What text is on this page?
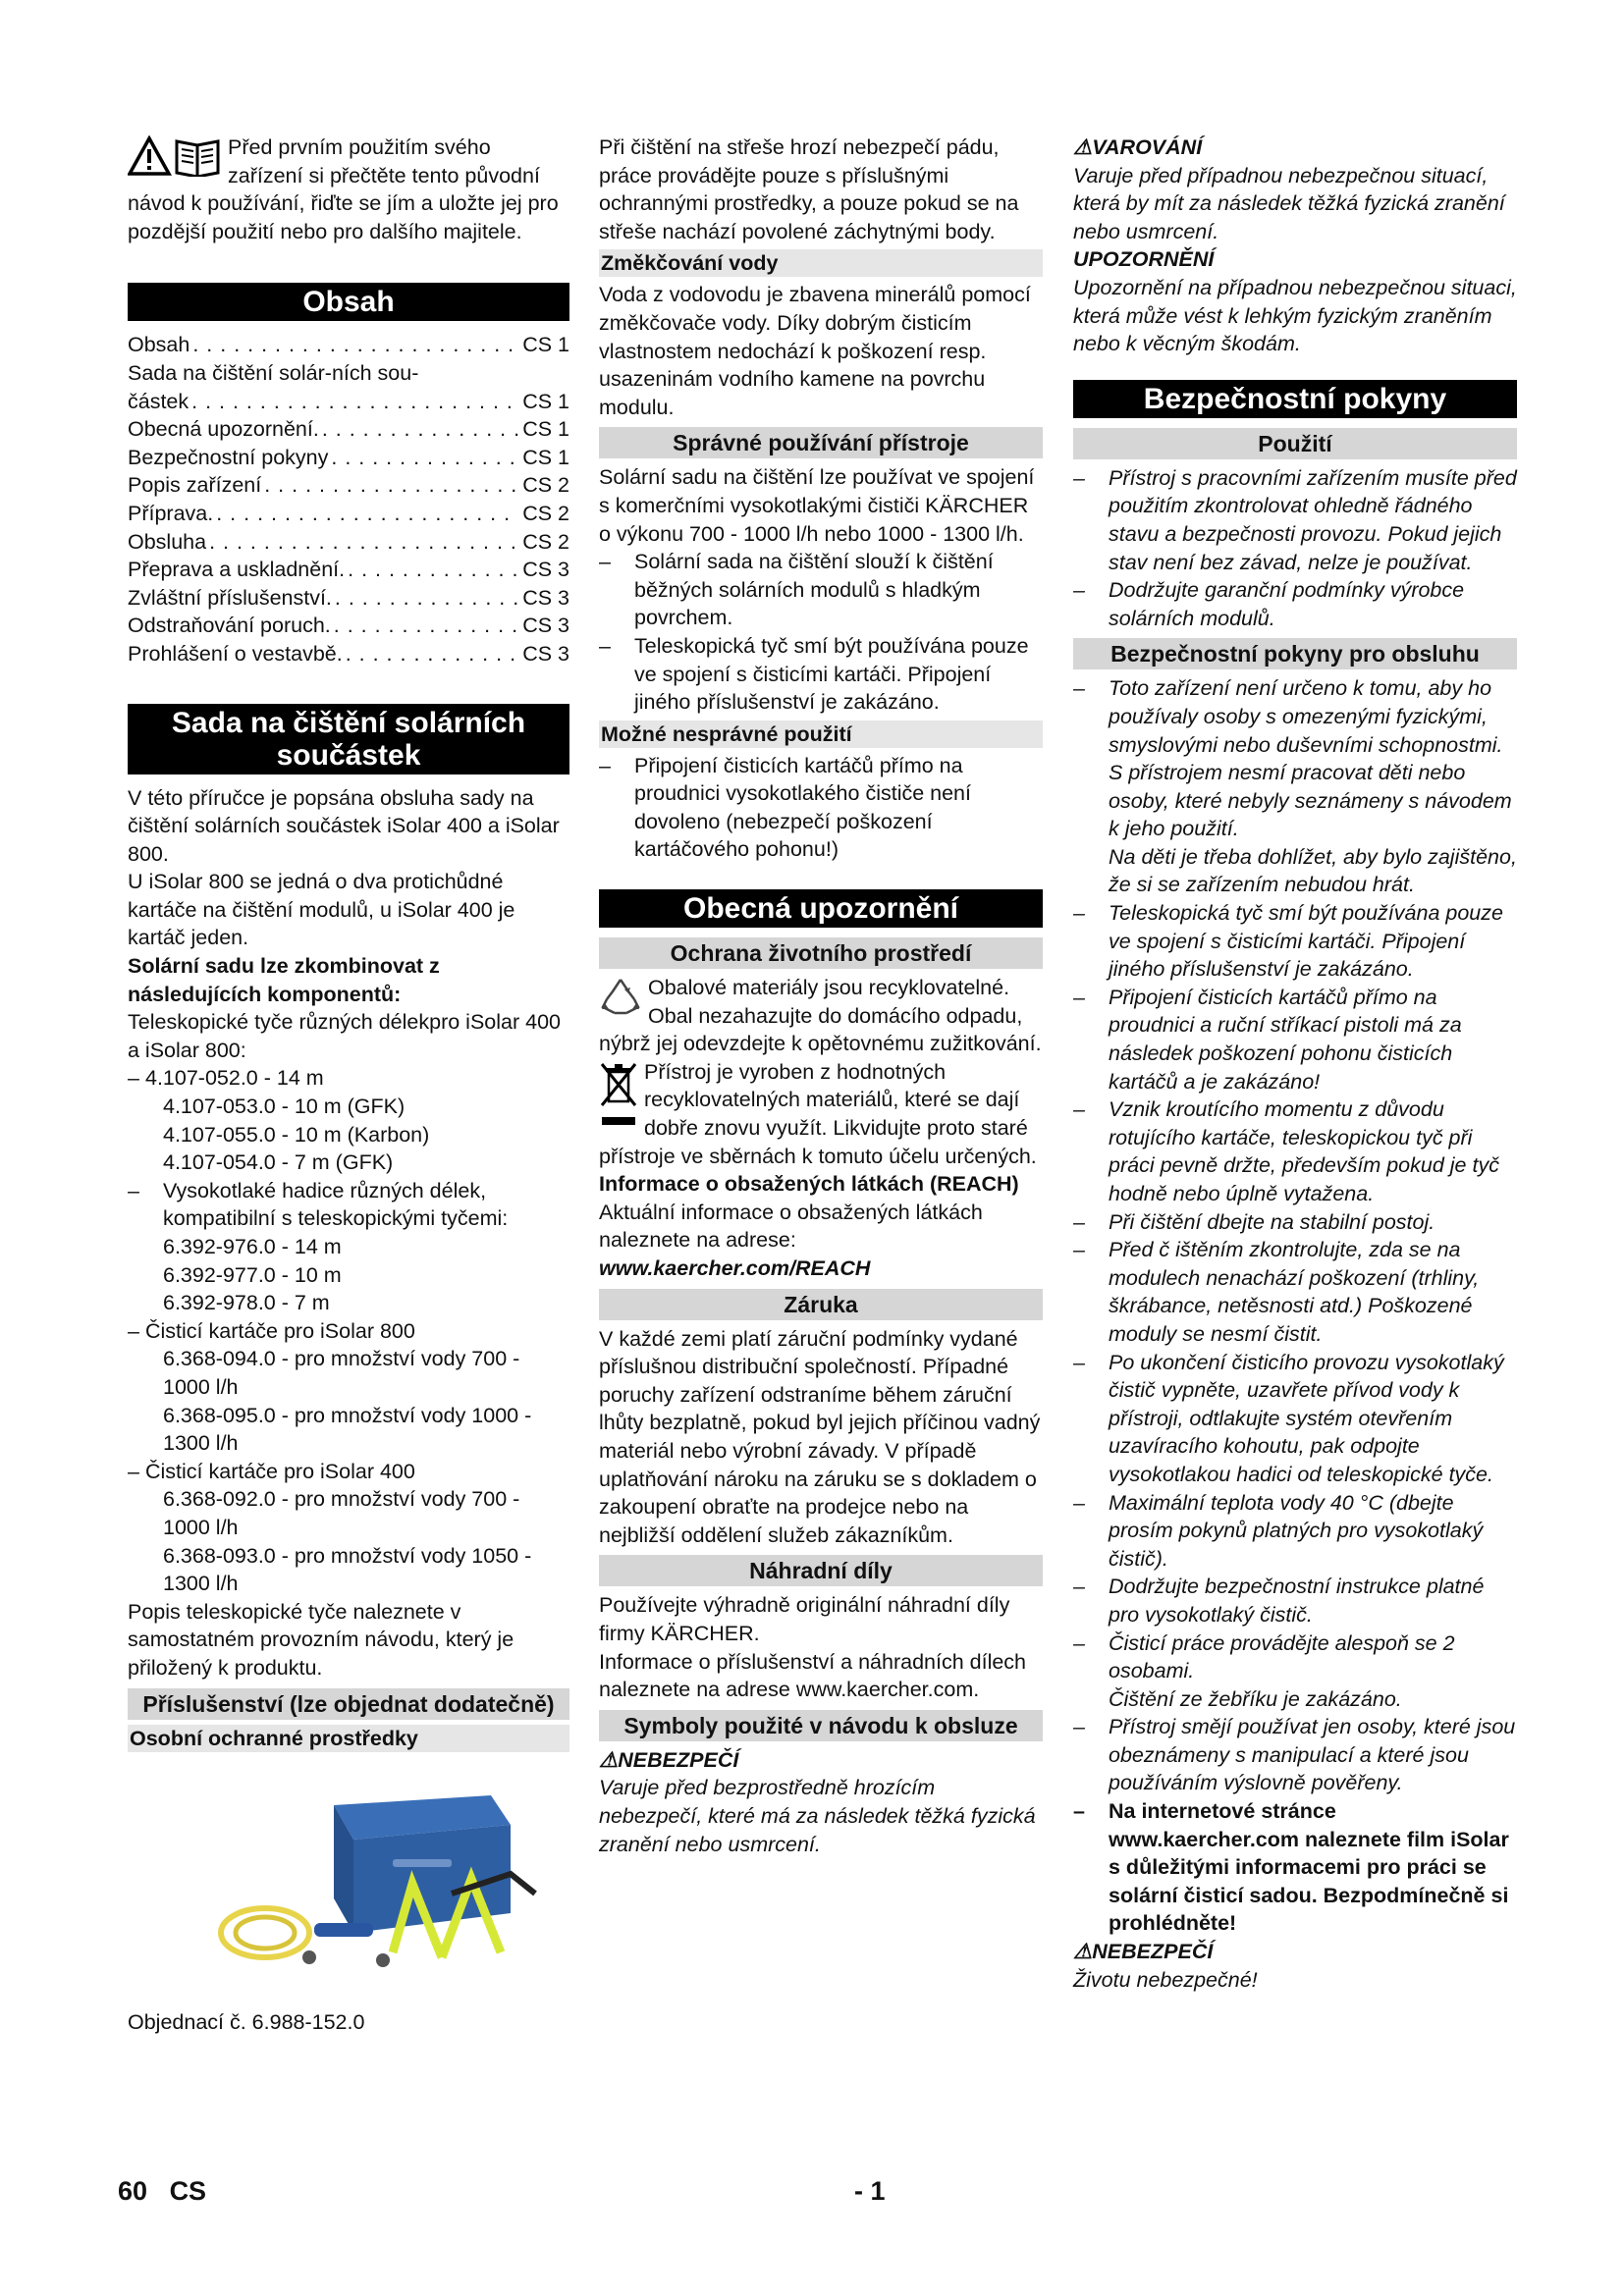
Před prvním použitím svého zařízení si přečtěte tento původní návod k používání, řiďte se jím a uložte jej pro pozdější použití nebo pro dalšího majitele.

Obsah
Obsah . . .	CS 1
Sada na čištění solár-ních sou-
částek . . .	CS 1
Obecná upozornění. . . .	CS 1
Bezpečnostní pokyny . . .	CS 1
Popis zařízení . . .	CS 2
Příprava. . . .	CS 2
Obsluha . . .	CS 2
Přeprava a uskladnění. . . .	CS 3
Zvláštní příslušenství. . . .	CS 3
Odstraňování poruch. . . .	CS 3
Prohlášení o vestavbě. . . .	CS 3
Sada na čištění solárních součástek

V této příručce je popsána obsluha sady na čištění solárních součástek iSolar 400 a iSolar 800.

U iSolar 800 se jedná o dva protichůdné kartáče na čištění modulů, u iSolar 400 je kartáč jeden.

Solární sadu lze zkombinovat z následujících komponentů:

Teleskopické tyče různých délekpro iSolar 400 a iSolar 800:

– 4.107-052.0 - 14 m
4.107-053.0 - 10 m (GFK)
4.107-055.0 - 10 m (Karbon)
4.107-054.0 - 7 m (GFK)
– Vysokotlaké hadice různých délek, kompatibilní s teleskopickými tyčemi:
6.392-976.0 - 14 m
6.392-977.0 - 10 m
6.392-978.0 - 7 m
– Čisticí kartáče pro iSolar 800
6.368-094.0 - pro množství vody 700 - 1000 l/h
6.368-095.0 - pro množství vody 1000 - 1300 l/h
– Čisticí kartáče pro iSolar 400
6.368-092.0 - pro množství vody 700 - 1000 l/h
6.368-093.0 - pro množství vody 1050 - 1300 l/h

Popis teleskopické tyče naleznete v samostatném provozním návodu, který je přiložený k produktu.

Příslušenství (lze objednat dodatečně)
Osobní ochranné prostředky

Objednací č. 6.988-152.0

Při čištění na střeše hrozí nebezpečí pádu, práce provádějte pouze s příslušnými ochrannými prostředky, a pouze pokud se na střeše nachází povolené záchytnými body.

Změkčování vody

Voda z vodovodu je zbavena minerálů pomocí změkčovače vody. Díky dobrým čisticím vlastnostem nedochází k poškození resp. usazeninám vodního kamene na povrchu modulu.

Správné používání přístroje

Solární sadu na čištění lze používat ve spojení s komerčními vysokotlakými čističi KÄRCHER o výkonu 700 - 1000 l/h nebo 1000 - 1300 l/h.

– Solární sada na čištění slouží k čištění běžných solárních modulů s hladkým povrchem.
– Teleskopická tyč smí být používána pouze ve spojení s čisticími kartáči. Připojení jiného příslušenství je zakázáno.
Možné nesprávné použití
– Připojení čisticích kartáčů přímo na proudnici vysokotlakého čističe není dovoleno (nebezpečí poškození kartáčového pohonu!)
Obecná upozornění
Ochrana životního prostředí

Obalové materiály jsou recyklovatelné. Obal nezahazujte do domácího odpadu, nýbrž jej odevzdejte k opětovnému zužitkování.

Přístroj je vyroben z hodnotných recyklovatelných materiálů, které se dají dobře znovu využít. Likvidujte proto staré přístroje ve sběrnách k tomuto účelu určených.

Informace o obsažených látkách (REACH)

Aktuální informace o obsažených látkách naleznete na adrese:

www.kaercher.com/REACH

Záruka

V každé zemi platí záruční podmínky vydané příslušnou distribuční společností. Případné poruchy zařízení odstraníme během záruční lhůty bezplatně, pokud byl jejich příčinou vadný materiál nebo výrobní závady. V případě uplatňování nároku na záruku se s dokladem o zakoupení obraťte na prodejce nebo na nejbližší oddělení služeb zákazníkům.

Náhradní díly

Používejte výhradně originální náhradní díly firmy KÄRCHER.

Informace o příslušenství a náhradních dílech naleznete na adrese www.kaercher.com.

Symboly použité v návodu k obsluze

⚠NEBEZPEČÍ

Varuje před bezprostředně hrozícím nebezpečí, které má za následek těžká fyzická zranění nebo usmrcení.

⚠VAROVÁNÍ

Varuje před případnou nebezpečnou situací, která by mít za následek těžká fyzická zranění nebo usmrcení.

UPOZORNĚNÍ

Upozornění na případnou nebezpečnou situaci, která může vést k lehkým fyzickým zraněním nebo k věcným škodám.

Bezpečnostní pokyny
Použití
– Přístroj s pracovními zařízením musíte před použitím zkontrolovat ohledně řádného stavu a bezpečnosti provozu. Pokud jejich stav není bez závad, nelze je používat.
– Dodržujte garanční podmínky výrobce solárních modulů.
Bezpečnostní pokyny pro obsluhu
– Toto zařízení není určeno k tomu, aby ho používaly osoby s omezenými fyzickými, smyslovými nebo duševními schopnostmi.
S přístrojem nesmí pracovat děti nebo osoby, které nebyly seznámeny s návodem k jeho použití.
Na děti je třeba dohlížet, aby bylo zajištěno, že si se zařízením nebudou hrát.
– Teleskopická tyč smí být používána pouze ve spojení s čisticími kartáči. Připojení jiného příslušenství je zakázáno.
– Připojení čisticích kartáčů přímo na proudnici a ruční stříkací pistoli má za následek poškození pohonu čisticích kartáčů a je zakázáno!
– Vznik kroutícího momentu z důvodu rotujícího kartáče, teleskopickou tyč při práci pevně držte, především pokud je tyč hodně nebo úplně vytažena.
– Při čištění dbejte na stabilní postoj.
– Před č ištěním zkontrolujte, zda se na modulech nenachází poškození (trhliny, škrábance, netěsnosti atd.) Poškozené moduly se nesmí čistit.
– Po ukončení čisticího provozu vysokotlaký čistič vypněte, uzavřete přívod vody k přístroji, odtlakujte systém otevřením uzavíracího kohoutu, pak odpojte vysokotlakou hadici od teleskopické tyče.
– Maximální teplota vody 40 °C (dbejte prosím pokynů platných pro vysokotlaký čistič).
– Dodržujte bezpečnostní instrukce platné pro vysokotlaký čistič.
– Čisticí práce provádějte alespoň se 2 osobami.
Čištění ze žebříku je zakázáno.
– Přístroj smějí používat jen osoby, které jsou obeznámeny s manipulací a které jsou používáním výslovně pověřeny.
– Na internetové stránce www.kaercher.com naleznete film iSolar s důležitými informacemi pro práci se solární čisticí sadou. Bezpodmínečně si prohlédněte!

⚠NEBEZPEČÍ

Životu nebezpečné!

60 CS	- 1
